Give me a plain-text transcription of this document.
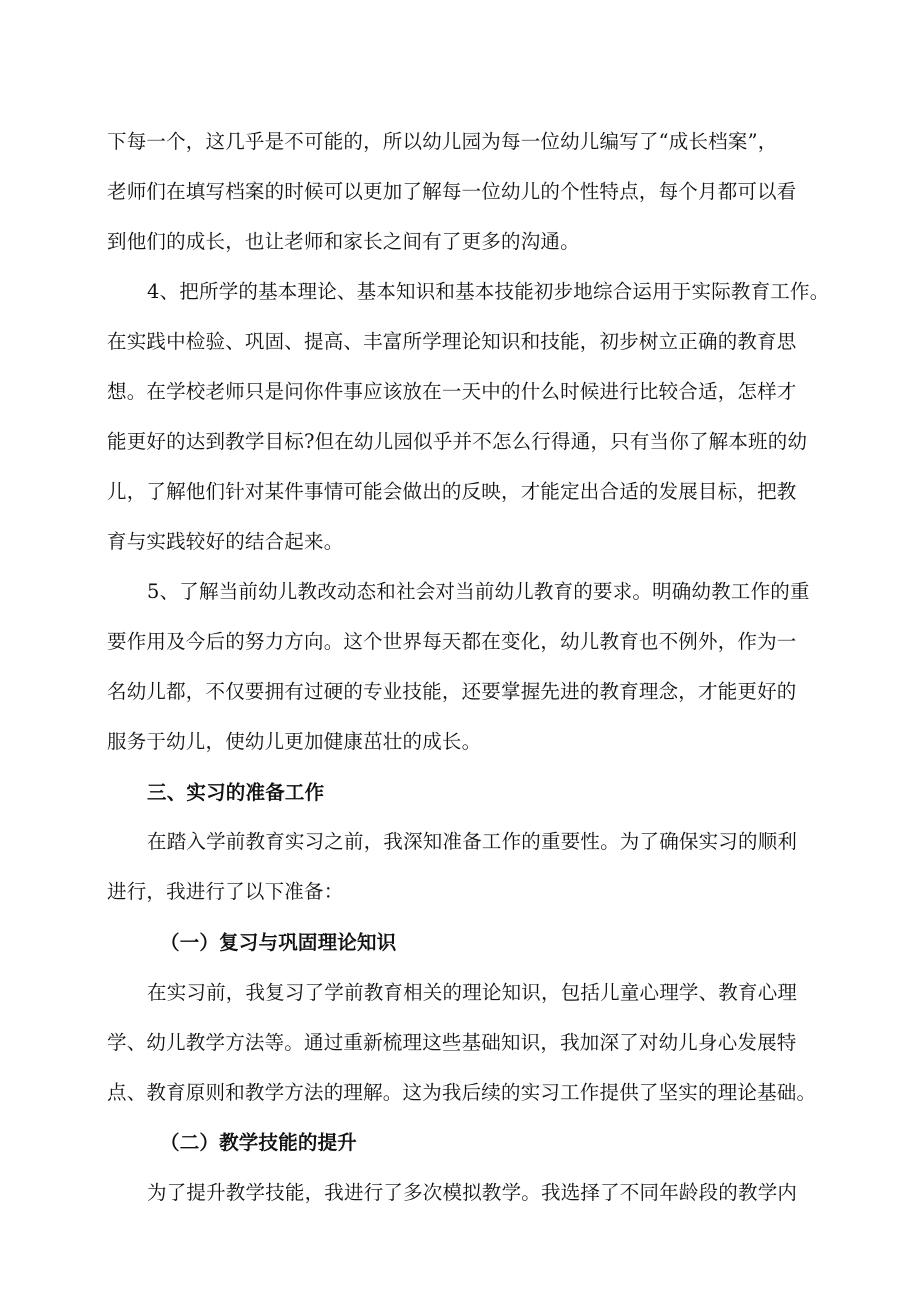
下每一个，这几乎是不可能的，所以幼儿园为每一位幼儿编写了“成长档案”，
老师们在填写档案的时候可以更加了解每一位幼儿的个性特点，每个月都可以看
到他们的成长，也让老师和家长之间有了更多的沟通。
4、把所学的基本理论、基本知识和基本技能初步地综合运用于实际教育工作。
在实践中检验、巩固、提高、丰富所学理论知识和技能，初步树立正确的教育思
想。在学校老师只是问你件事应该放在一天中的什么时候进行比较合适，怎样才
能更好的达到教学目标?但在幼儿园似乎并不怎么行得通，只有当你了解本班的幼
儿，了解他们针对某件事情可能会做出的反映，才能定出合适的发展目标，把教
育与实践较好的结合起来。
5、了解当前幼儿教改动态和社会对当前幼儿教育的要求。明确幼教工作的重
要作用及今后的努力方向。这个世界每天都在变化，幼儿教育也不例外，作为一
名幼儿都，不仅要拥有过硬的专业技能，还要掌握先进的教育理念，才能更好的
服务于幼儿，使幼儿更加健康茁壮的成长。
三、实习的准备工作
在踏入学前教育实习之前，我深知准备工作的重要性。为了确保实习的顺利
进行，我进行了以下准备：
（一）复习与巩固理论知识
在实习前，我复习了学前教育相关的理论知识，包括儿童心理学、教育心理
学、幼儿教学方法等。通过重新梳理这些基础知识，我加深了对幼儿身心发展特
点、教育原则和教学方法的理解。这为我后续的实习工作提供了坚实的理论基础。
（二）教学技能的提升
为了提升教学技能，我进行了多次模拟教学。我选择了不同年龄段的教学内
